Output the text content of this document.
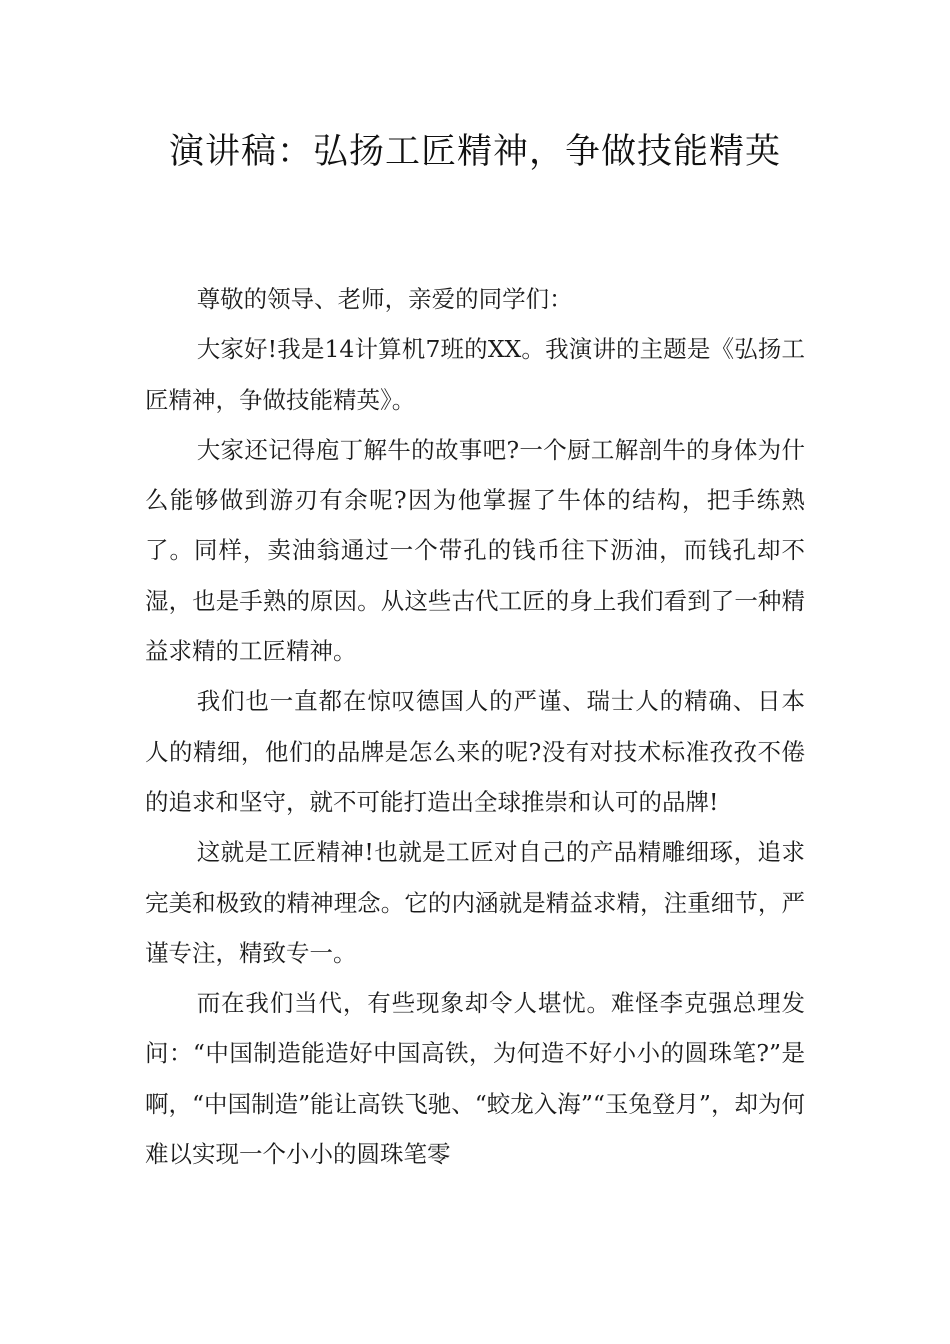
演讲稿：弘扬工匠精神，争做技能精英

尊敬的领导、老师，亲爱的同学们：

大家好!我是14计算机7班的XX。我演讲的主题是《弘扬工匠精神，争做技能精英》。

大家还记得庖丁解牛的故事吧?一个厨工解剖牛的身体为什么能够做到游刃有余呢?因为他掌握了牛体的结构，把手练熟了。同样，卖油翁通过一个带孔的钱币往下沥油，而钱孔却不湿，也是手熟的原因。从这些古代工匠的身上我们看到了一种精益求精的工匠精神。

我们也一直都在惊叹德国人的严谨、瑞士人的精确、日本人的精细，他们的品牌是怎么来的呢?没有对技术标准孜孜不倦的追求和坚守，就不可能打造出全球推崇和认可的品牌!

这就是工匠精神!也就是工匠对自己的产品精雕细琢，追求完美和极致的精神理念。它的内涵就是精益求精，注重细节，严谨专注，精致专一。

而在我们当代，有些现象却令人堪忧。难怪李克强总理发问：“中国制造能造好中国高铁，为何造不好小小的圆珠笔?”是啊，“中国制造”能让高铁飞驰、“蛟龙入海”“玉兔登月”，却为何难以实现一个小小的圆珠笔零
